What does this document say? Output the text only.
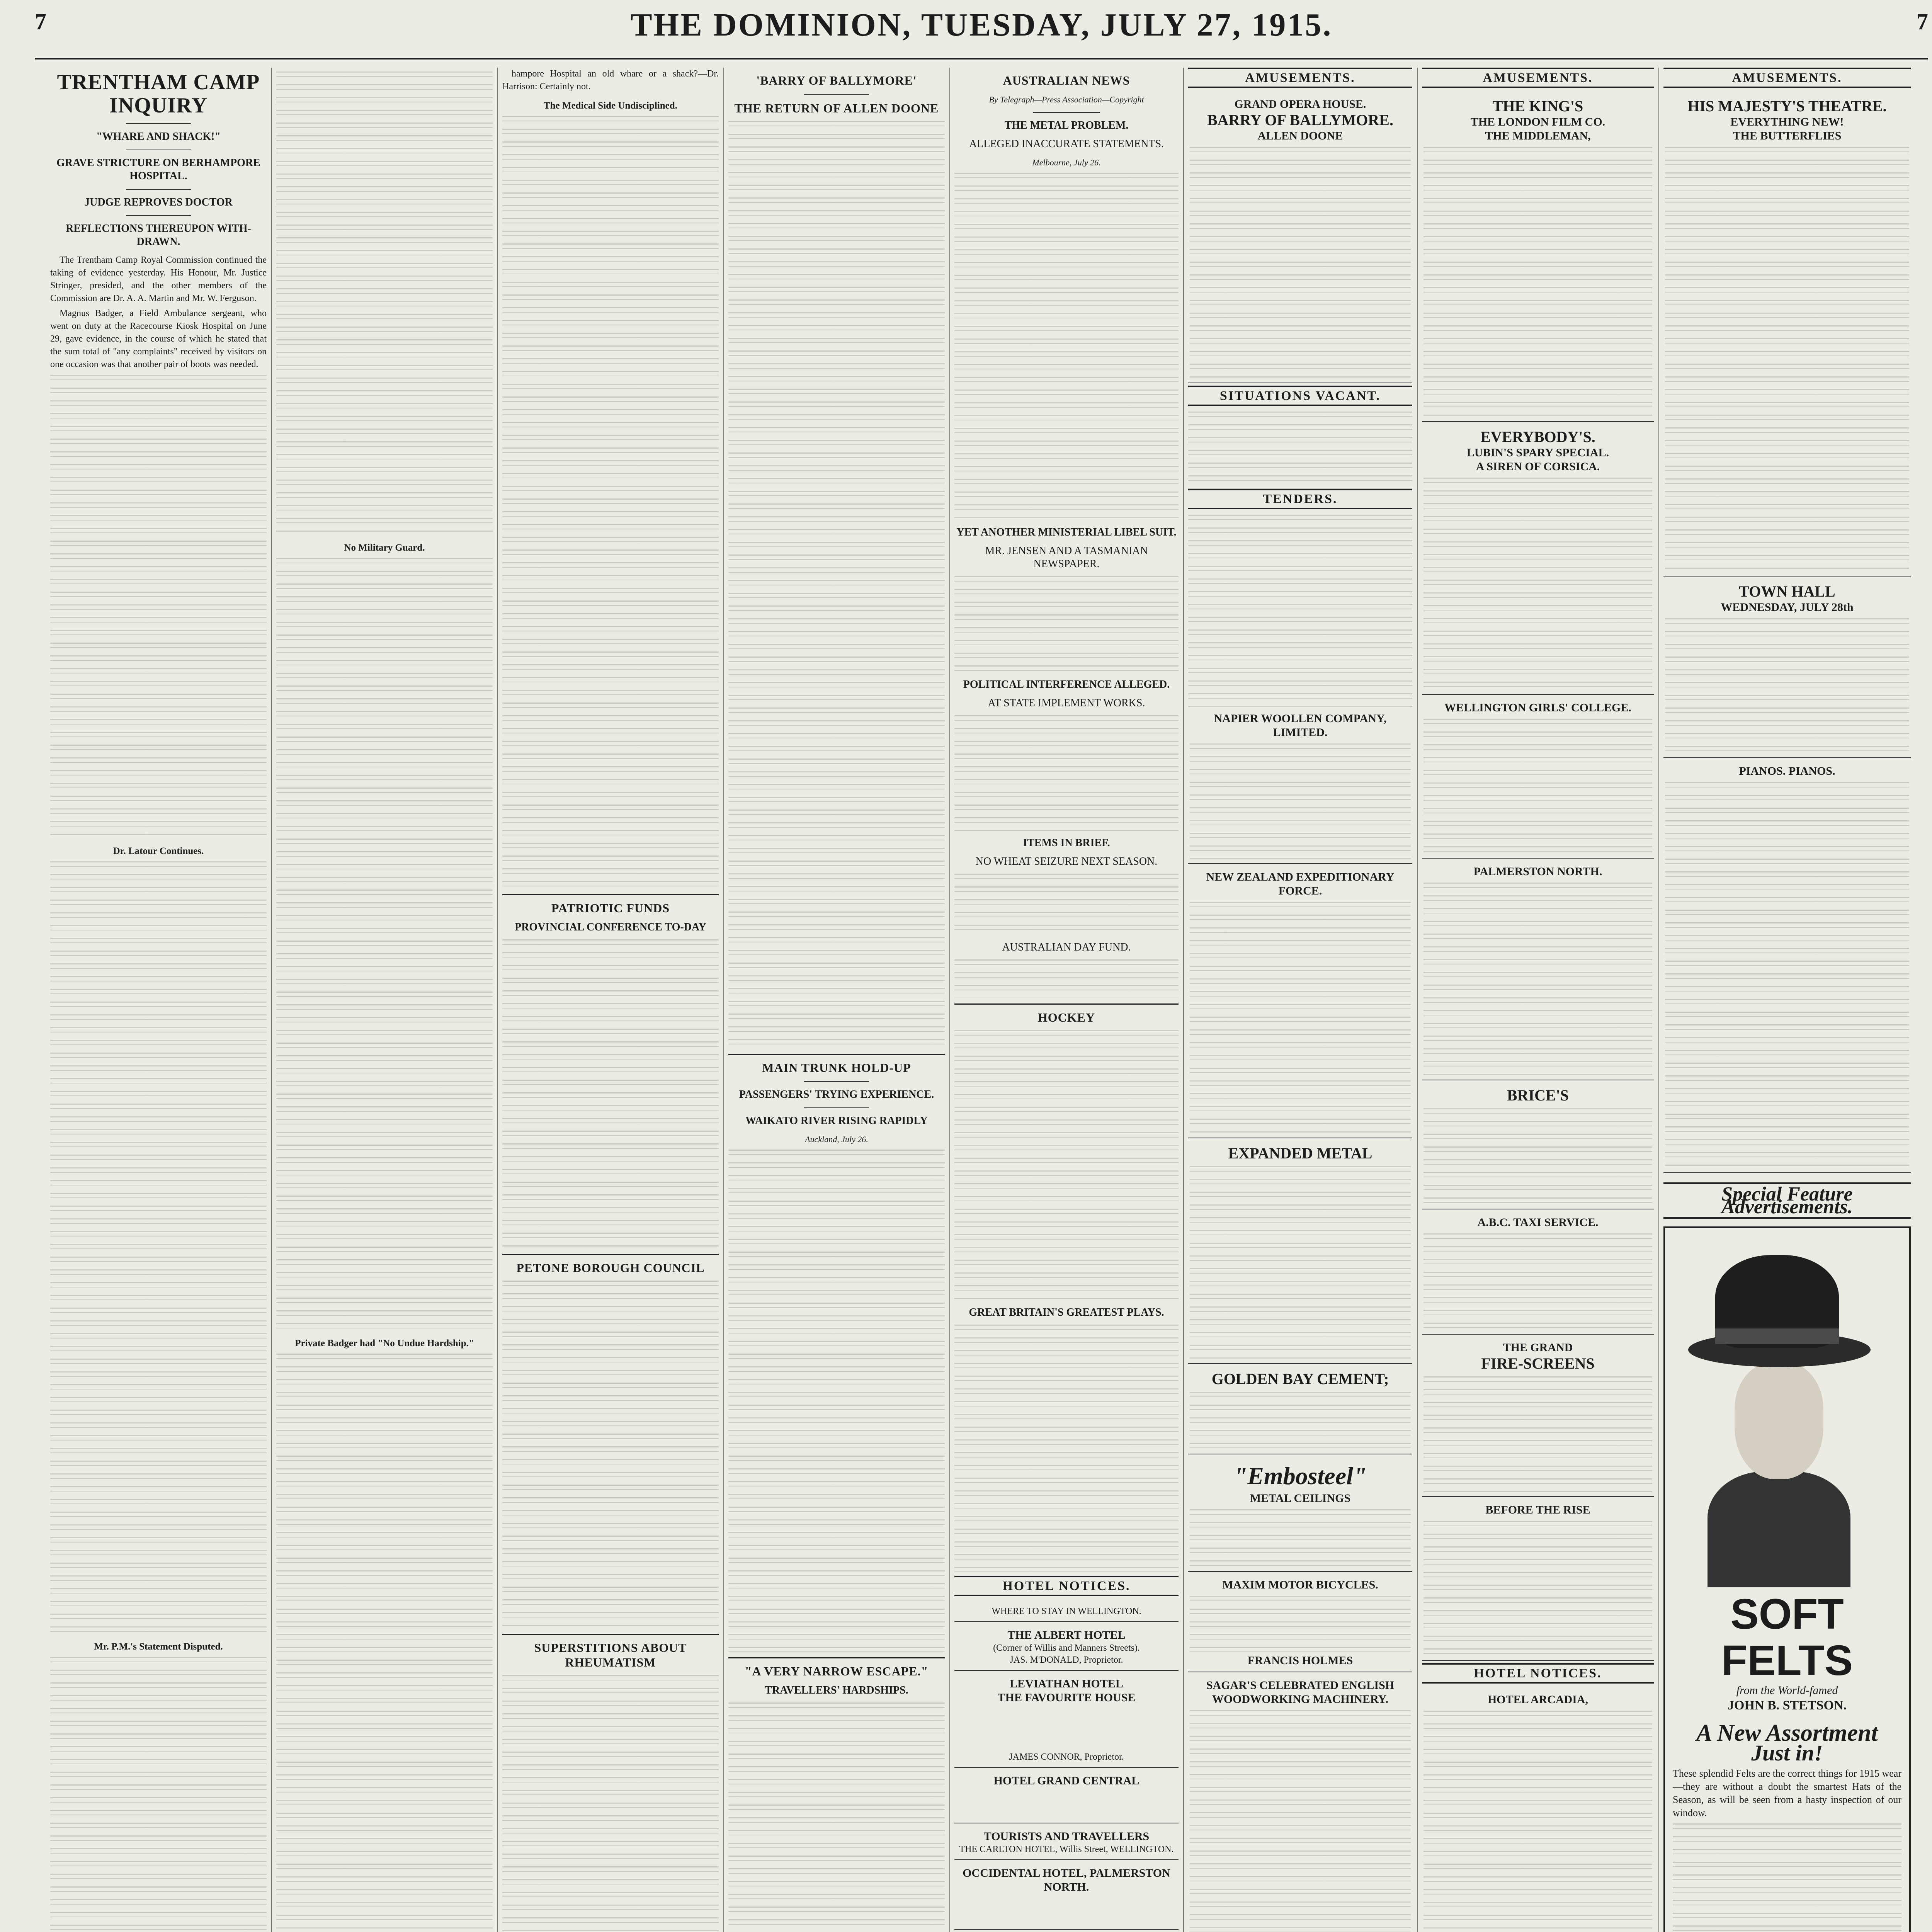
7	THE DOMINION, TUESDAY, JULY 27, 1915.	7
TRENTHAM CAMP INQUIRY
"WHARE AND SHACK!"
GRAVE STRICTURE ON BERHAMPORE HOSPITAL.
JUDGE REPROVES DOCTOR
REFLECTIONS THEREUPON WITH-DRAWN.

The Trentham Camp Royal Commission continued the taking of evidence yesterday. His Honour, Mr. Justice Stringer, presided, and the other members of the Commission are Dr. A. A. Martin and Mr. W. Ferguson.

Magnus Badger, a Field Ambulance sergeant, who went on duty at the Racecourse Kiosk Hospital on June 29, gave evidence, in the course of which he stated that the sum total of "any complaints" received by visitors on one occasion was that another pair of boots was needed.

Dr. Latour Continues.
Mr. P.M.'s Statement Disputed.
No Military Guard.
Private Badger had "No Undue Hardship."

hampore Hospital an old whare or a shack?—Dr. Harrison: Certainly not.

The Medical Side Undisciplined.
PATRIOTIC FUNDS
PROVINCIAL CONFERENCE TO-DAY
PETONE BOROUGH COUNCIL
SUPERSTITIONS ABOUT RHEUMATISM
'BARRY OF BALLYMORE'
THE RETURN OF ALLEN DOONE
MAIN TRUNK HOLD-UP
PASSENGERS' TRYING EXPERIENCE.
WAIKATO RIVER RISING RAPIDLY
Auckland, July 26.
"A VERY NARROW ESCAPE."
TRAVELLERS' HARDSHIPS.
AUSTRALIAN NEWS
By Telegraph—Press Association—Copyright
THE METAL PROBLEM.
ALLEGED INACCURATE STATEMENTS.
Melbourne, July 26.
YET ANOTHER MINISTERIAL LIBEL SUIT.
MR. JENSEN AND A TASMANIAN NEWSPAPER.
POLITICAL INTERFERENCE ALLEGED.
AT STATE IMPLEMENT WORKS.
ITEMS IN BRIEF.
NO WHEAT SEIZURE NEXT SEASON.
AUSTRALIAN DAY FUND.
HOCKEY
GREAT BRITAIN'S GREATEST PLAYS.
HOTEL NOTICES.
WHERE TO STAY IN WELLINGTON.
THE ALBERT HOTEL
(Corner of Willis and Manners Streets).
JAS. M'DONALD, Proprietor.
LEVIATHAN HOTEL
THE FAVOURITE HOUSE
JAMES CONNOR, Proprietor.
HOTEL GRAND CENTRAL
TOURISTS AND TRAVELLERS
THE CARLTON HOTEL, Willis Street, WELLINGTON.
OCCIDENTAL HOTEL, PALMERSTON NORTH.
AMUSEMENTS.
GRAND OPERA HOUSE.
BARRY OF BALLYMORE.
ALLEN DOONE
SITUATIONS VACANT.
TENDERS.
NAPIER WOOLLEN COMPANY, LIMITED.
NEW ZEALAND EXPEDITIONARY FORCE.
EXPANDED METAL
GOLDEN BAY CEMENT;
"Embosteel"
METAL CEILINGS
MAXIM MOTOR BICYCLES.
FRANCIS HOLMES
SAGAR'S CELEBRATED ENGLISH WOODWORKING MACHINERY.
AMUSEMENTS.
THE KING'S
THE LONDON FILM CO.
THE MIDDLEMAN,
EVERYBODY'S.
LUBIN'S SPARY SPECIAL.
A SIREN OF CORSICA.
WELLINGTON GIRLS' COLLEGE.
PALMERSTON NORTH.
BRICE'S
A.B.C. TAXI SERVICE.
THE GRAND
FIRE-SCREENS
BEFORE THE RISE
HOTEL NOTICES.
HOTEL ARCADIA,
AMUSEMENTS.
HIS MAJESTY'S THEATRE.
EVERYTHING NEW!
THE BUTTERFLIES
TOWN HALL
WEDNESDAY, JULY 28th
PIANOS. PIANOS.
Special Feature Advertisements.
SOFT FELTS
from the World-famed
JOHN B. STETSON.
A New Assortment
Just in!
These splendid Felts are the correct things for 1915 wear—they are without a doubt the smartest Hats of the Season, as will be seen from a hasty inspection of our window.
